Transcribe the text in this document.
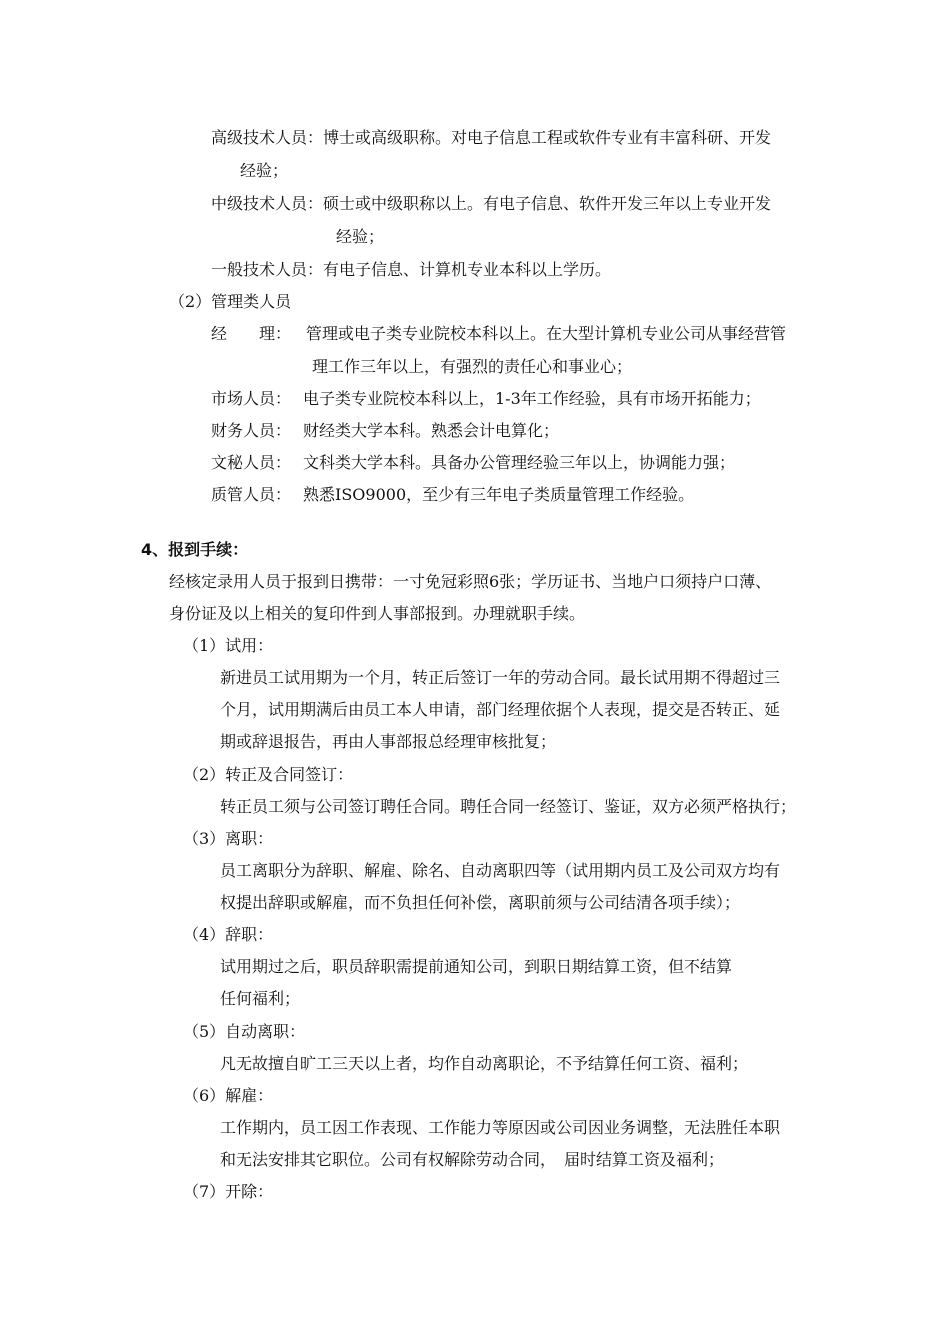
高级技术人员：博士或高级职称。对电子信息工程或软件专业有丰富科研、开发
经验；
中级技术人员：硕士或中级职称以上。有电子信息、软件开发三年以上专业开发
经验；
一般技术人员：有电子信息、计算机专业本科以上学历。
（2）管理类人员
经　　理： 管理或电子类专业院校本科以上。在大型计算机专业公司从事经营管
理工作三年以上，有强烈的责任心和事业心；
市场人员： 电子类专业院校本科以上，1-3年工作经验，具有市场开拓能力；
财务人员： 财经类大学本科。熟悉会计电算化；
文秘人员： 文科类大学本科。具备办公管理经验三年以上，协调能力强；
质管人员： 熟悉ISO9000，至少有三年电子类质量管理工作经验。
4、报到手续：
经核定录用人员于报到日携带：一寸免冠彩照6张；学历证书、当地户口须持户口薄、
身份证及以上相关的复印件到人事部报到。办理就职手续。
（1）试用：
新进员工试用期为一个月，转正后签订一年的劳动合同。最长试用期不得超过三
个月，试用期满后由员工本人申请，部门经理依据个人表现，提交是否转正、延
期或辞退报告，再由人事部报总经理审核批复；
（2）转正及合同签订：
转正员工须与公司签订聘任合同。聘任合同一经签订、鉴证，双方必须严格执行；
（3）离职：
员工离职分为辞职、解雇、除名、自动离职四等（试用期内员工及公司双方均有
权提出辞职或解雇，而不负担任何补偿，离职前须与公司结清各项手续）；
（4）辞职：
试用期过之后，职员辞职需提前通知公司，到职日期结算工资，但不结算
任何福利；
（5）自动离职：
凡无故擅自旷工三天以上者，均作自动离职论，不予结算任何工资、福利；
（6）解雇：
工作期内，员工因工作表现、工作能力等原因或公司因业务调整，无法胜任本职
和无法安排其它职位。公司有权解除劳动合同，　届时结算工资及福利；
（7）开除：
